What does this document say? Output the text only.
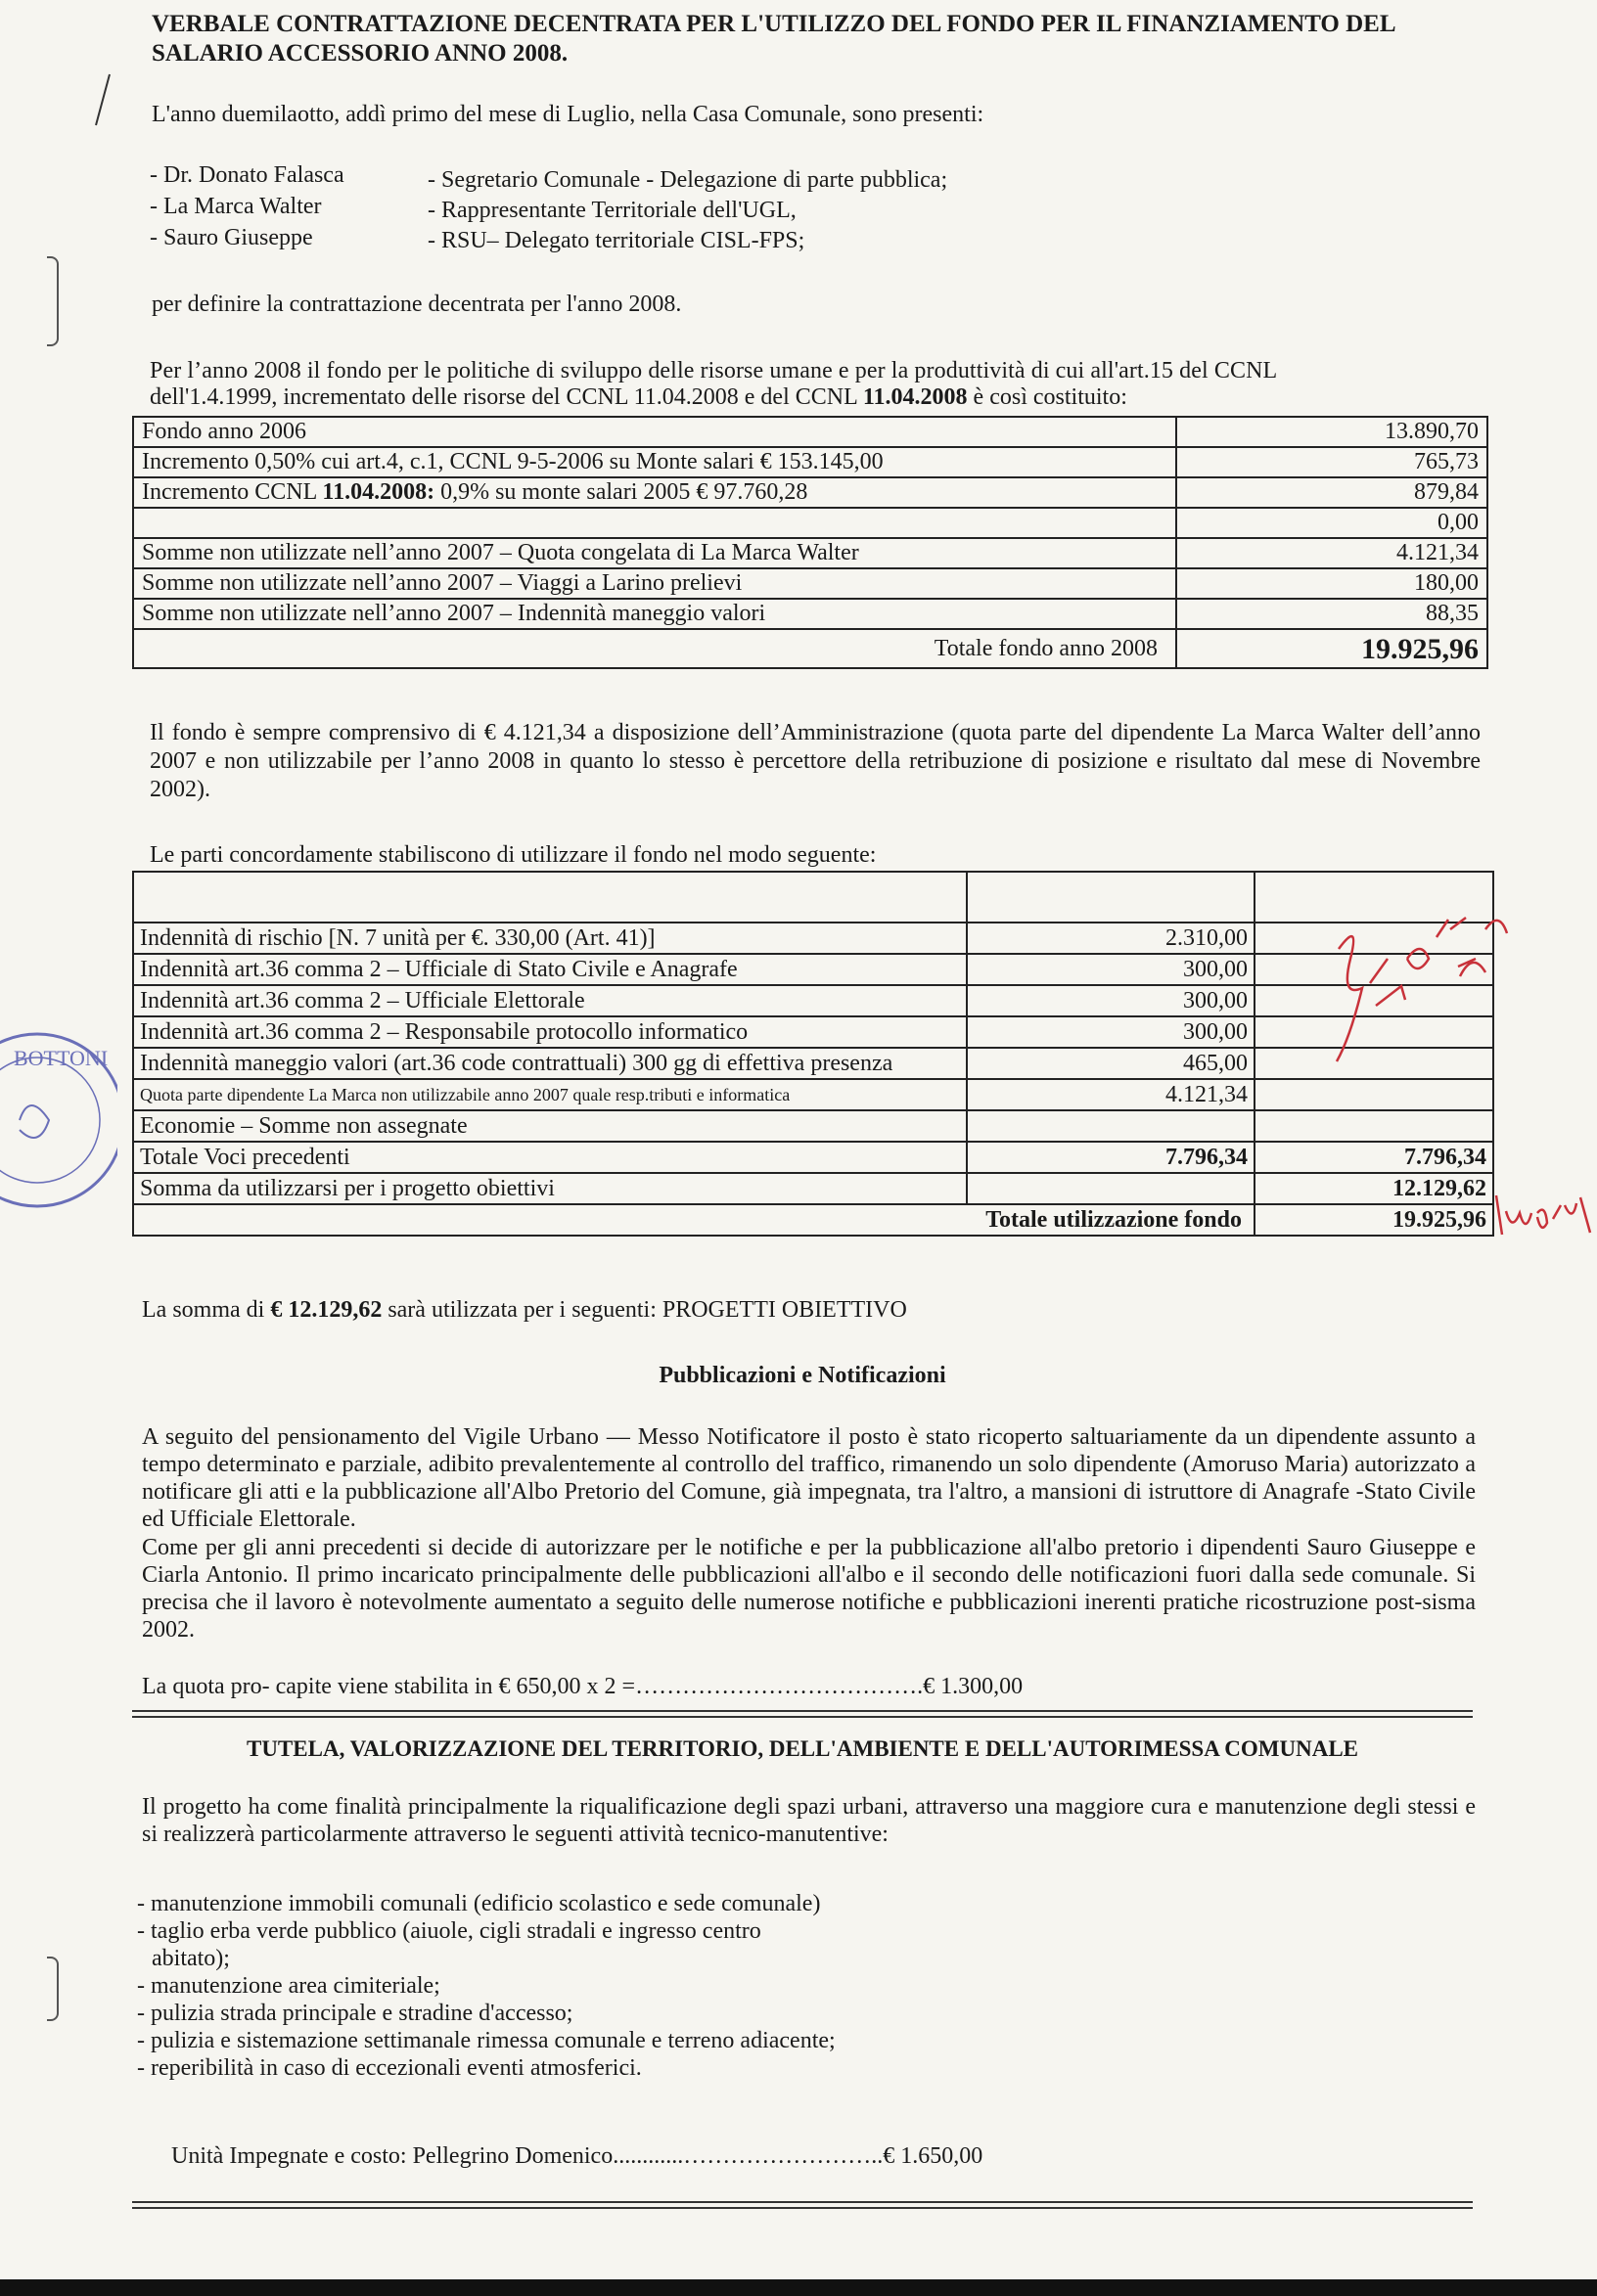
VERBALE CONTRATTAZIONE DECENTRATA PER L'UTILIZZO DEL FONDO PER IL FINANZIAMENTO DEL SALARIO ACCESSORIO ANNO 2008.
L'anno duemilaotto, addì primo del mese di Luglio, nella Casa Comunale, sono presenti:
- Dr. Donato Falasca	- Segretario Comunale - Delegazione di parte pubblica;
- La Marca Walter	- Rappresentante Territoriale dell'UGL,
- Sauro Giuseppe	- RSU– Delegato territoriale CISL-FPS;
per definire la contrattazione decentrata per l'anno 2008.
Per l’anno 2008 il fondo per le politiche di sviluppo delle risorse umane e per la produttività di cui all'art.15 del CCNL
dell'1.4.1999, incrementato delle risorse del CCNL 11.04.2008 e del CCNL 11.04.2008 è così costituito:
Fondo anno 2006	13.890,70
Incremento 0,50% cui art.4, c.1, CCNL 9-5-2006 su Monte salari € 153.145,00	765,73
Incremento CCNL 11.04.2008: 0,9% su monte salari 2005 € 97.760,28	879,84
	0,00
Somme non utilizzate nell’anno 2007 – Quota congelata di La Marca Walter	4.121,34
Somme non utilizzate nell’anno 2007 – Viaggi a Larino prelievi	180,00
Somme non utilizzate nell’anno 2007 – Indennità maneggio valori	88,35
Totale fondo anno 2008	19.925,96
Il fondo è sempre comprensivo di € 4.121,34 a disposizione dell’Amministrazione (quota parte del dipendente La Marca Walter dell’anno 2007 e non utilizzabile per l’anno 2008 in quanto lo stesso è percettore della retribuzione di posizione e risultato dal mese di Novembre 2002).
Le parti concordamente stabiliscono di utilizzare il fondo nel modo seguente:

Indennità di rischio [N. 7 unità per €. 330,00 (Art. 41)]	2.310,00	
Indennità art.36 comma 2 – Ufficiale di Stato Civile e Anagrafe	300,00	
Indennità art.36 comma 2 – Ufficiale Elettorale	300,00	
Indennità art.36 comma 2 – Responsabile protocollo informatico	300,00	
Indennità maneggio valori (art.36 code contrattuali) 300 gg di effettiva presenza	465,00	
Quota parte dipendente La Marca non utilizzabile anno 2007 quale resp.tributi e informatica	4.121,34	
Economie – Somme non assegnate		
Totale Voci precedenti	7.796,34	7.796,34
Somma da utilizzarsi per i progetto obiettivi		12.129,62
Totale utilizzazione fondo		19.925,96
BOTTONI
La somma di € 12.129,62 sarà utilizzata per i seguenti: PROGETTI OBIETTIVO
Pubblicazioni e Notificazioni
A seguito del pensionamento del Vigile Urbano — Messo Notificatore il posto è stato ricoperto saltuariamente da un dipendente assunto a tempo determinato e parziale, adibito prevalentemente al controllo del traffico, rimanendo un solo dipendente (Amoruso Maria) autorizzato a notificare gli atti e la pubblicazione all'Albo Pretorio del Comune, già impegnata, tra l'altro, a mansioni di istruttore di Anagrafe -Stato Civile ed Ufficiale Elettorale.
Come per gli anni precedenti si decide di autorizzare per le notifiche e per la pubblicazione all'albo pretorio i dipendenti Sauro Giuseppe e Ciarla Antonio. Il primo incaricato principalmente delle pubblicazioni all'albo e il secondo delle notificazioni fuori dalla sede comunale. Si precisa che il lavoro è notevolmente aumentato a seguito delle numerose notifiche e pubblicazioni inerenti pratiche ricostruzione post-sisma 2002.
La quota pro- capite viene stabilita in € 650,00 x 2 =……………………………….€ 1.300,00
TUTELA, VALORIZZAZIONE DEL TERRITORIO, DELL'AMBIENTE E DELL'AUTORIMESSA COMUNALE
Il progetto ha come finalità principalmente la riqualificazione degli spazi urbani, attraverso una maggiore cura e manutenzione degli stessi e si realizzerà particolarmente attraverso le seguenti attività tecnico-manutentive:
- manutenzione immobili comunali (edificio scolastico e sede comunale)
- taglio erba verde pubblico (aiuole, cigli stradali e ingresso centro
abitato);
- manutenzione area cimiteriale;
- pulizia strada principale e stradine d'accesso;
- pulizia e sistemazione settimanale rimessa comunale e terreno adiacente;
- reperibilità in caso di eccezionali eventi atmosferici.
Unità Impegnate e costo: Pellegrino Domenico............……………………..€ 1.650,00
